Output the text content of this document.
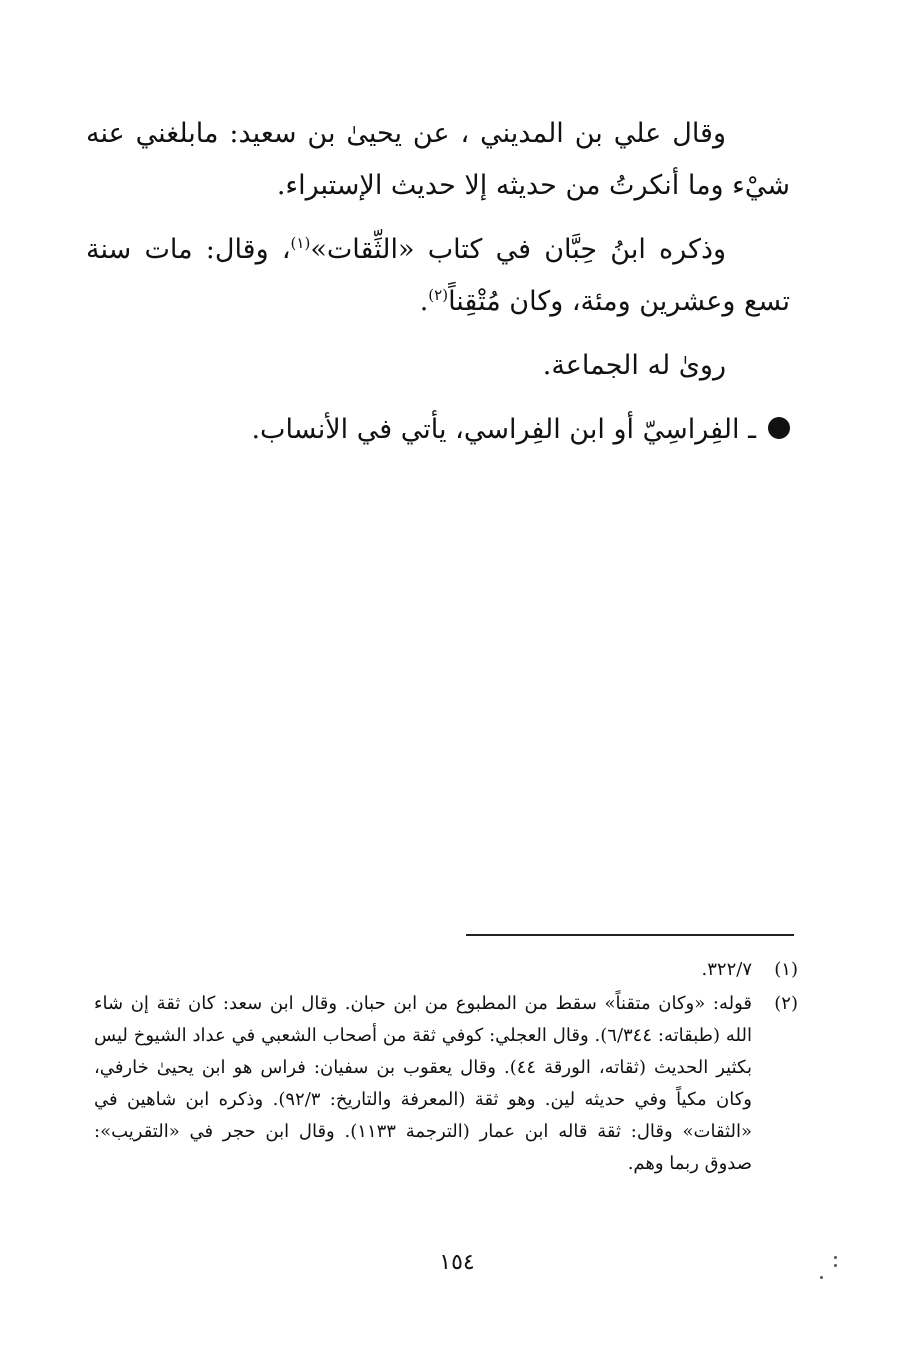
وقال علي بن المديني ، عن يحيىٰ بن سعيد: مابلغني عنه شيْء وما أنكرتُ من حديثه إلا حديث الإستبراء.

وذكره ابنُ حِبَّان في كتاب «الثِّقات»$^{(١)}$، وقال: مات سنة تسع وعشرين ومئة، وكان مُتْقِناً$^{(٢)}$.

روىٰ له الجماعة.

ـ الفِراسِيّ أو ابن الفِراسي، يأتي في الأنساب.

(١)
٣٢٢/٧.
(٢)
قوله: «وكان متقناً» سقط من المطبوع من ابن حبان. وقال ابن سعد: كان ثقة إن شاء الله (طبقاته: ٦/٣٤٤). وقال العجلي: كوفي ثقة من أصحاب الشعبي في عداد الشيوخ ليس بكثير الحديث (ثقاته، الورقة ٤٤). وقال يعقوب بن سفيان: فراس هو ابن يحيىٰ خارفي، وكان مكياً وفي حديثه لين. وهو ثقة (المعرفة والتاريخ: ٩٢/٣). وذكره ابن شاهين في «الثقات» وقال: ثقة قاله ابن عمار (الترجمة ١١٣٣). وقال ابن حجر في «التقريب»: صدوق ربما وهم.
١٥٤
